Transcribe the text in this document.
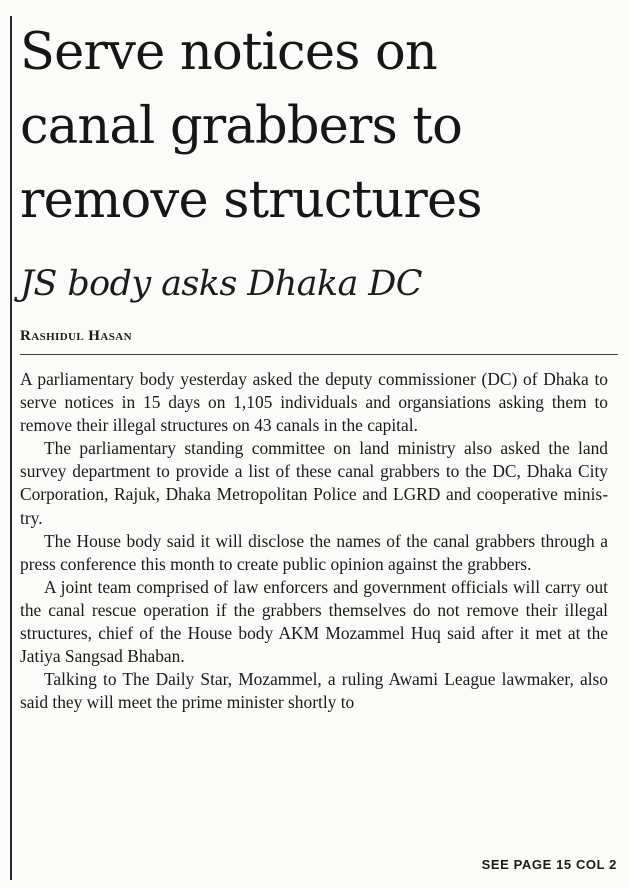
Serve notices on
canal grabbers to
remove structures
JS body asks Dhaka DC
Rashidul Hasan

A parliamentary body yesterday asked the deputy commissioner (DC) of Dhaka to serve notices in 15 days on 1,105 individuals and organsiations asking them to remove their illegal structures on 43 canals in the capital.

The parliamentary standing committee on land ministry also asked the land survey department to provide a list of these canal grabbers to the DC, Dhaka City Corporation, Rajuk, Dhaka Metropolitan Police and LGRD and cooperative ministry.

The House body said it will disclose the names of the canal grabbers through a press conference this month to create public opinion against the grabbers.

A joint team comprised of law enforcers and government officials will carry out the canal rescue operation if the grabbers themselves do not remove their illegal structures, chief of the House body AKM Mozammel Huq said after it met at the Jatiya Sangsad Bhaban.

Talking to The Daily Star, Mozammel, a ruling Awami League lawmaker, also said they will meet the prime minister shortly to

SEE PAGE 15 COL 2
